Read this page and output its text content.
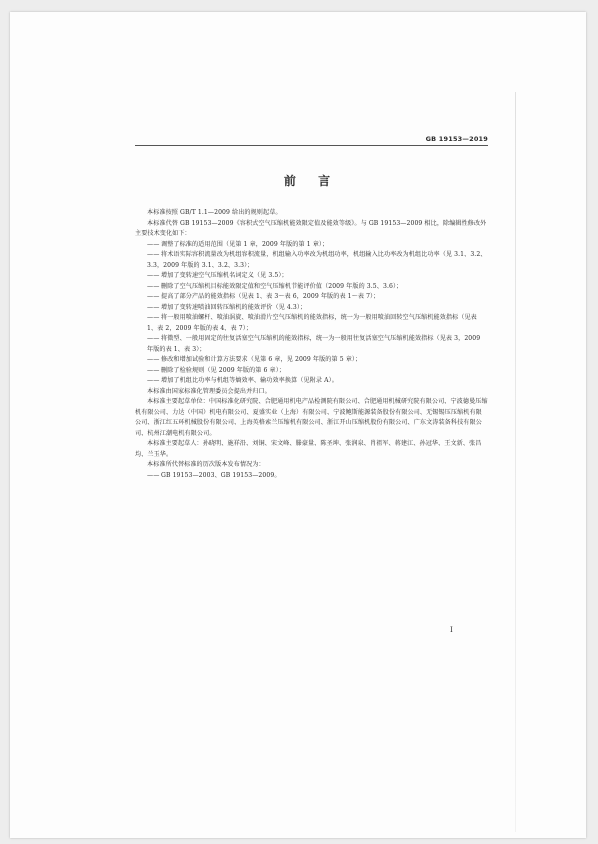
GB 19153—2019
前 言

本标准按照 GB/T 1.1—2009 给出的规则起草。

本标准代替 GB 19153—2009《容积式空气压缩机能效限定值及能效等级》。与 GB 19153—2009 相比，除编辑性修改外主要技术变化如下：

—— 调整了标准的适用范围（见第 1 章，2009 年版的第 1 章）；

—— 将术语实际容积流量改为机组容积流量，机组输入功率改为机组功率，机组输入比功率改为机组比功率（见 3.1、3.2、3.3，2009 年版的 3.1、3.2、3.3）；

—— 增加了变转速空气压缩机名词定义（见 3.5）；

—— 删除了空气压缩机目标能效限定值和空气压缩机节能评价值（2009 年版的 3.5、3.6）；

—— 提高了部分产品的能效指标（见表 1、表 3～表 6，2009 年版的表 1～表 7）；

—— 增加了变转速喷油回转压缩机的能效评价（见 4.3）；

—— 将一般用喷油螺杆、喷油涡旋、喷油滑片空气压缩机的能效指标，统一为一般用喷油回转空气压缩机能效指标（见表 1、表 2，2009 年版的表 4、表 7）；

—— 将微型、一般用固定的往复活塞空气压缩机的能效指标，统一为一般用往复活塞空气压缩机能效指标（见表 3，2009 年版的表 1、表 3）；

—— 修改和增加试验和计算方法要求（见第 6 章，见 2009 年版的第 5 章）；

—— 删除了检验规则（见 2009 年版的第 6 章）；

—— 增加了机组比功率与机组等熵效率、输功效率换算（见附录 A）。

本标准由国家标准化管理委员会提出并归口。

本标准主要起草单位：中国标准化研究院、合肥通用机电产品检测院有限公司、合肥通用机械研究院有限公司、宁波德曼压缩机有限公司、力达（中国）机电有限公司、夏盛实业（上海）有限公司、宁波鲍斯能源装备股份有限公司、无锡锡压压缩机有限公司、浙江红五环机械股份有限公司、上海英格索兰压缩机有限公司、浙江开山压缩机股份有限公司、广东文涛装备科技有限公司、杭州江潮电机有限公司。

本标准主要起草人：孙晓明、施祥沿、刘铜、宋文峰、滕豪量、陈圣坤、张润泉、肖祖军、蒋建江、孙冠华、王文新、张昌均、兰玉华。

本标准所代替标准的历次版本发布情况为：

—— GB 19153—2003、GB 19153—2009。

Ⅰ
